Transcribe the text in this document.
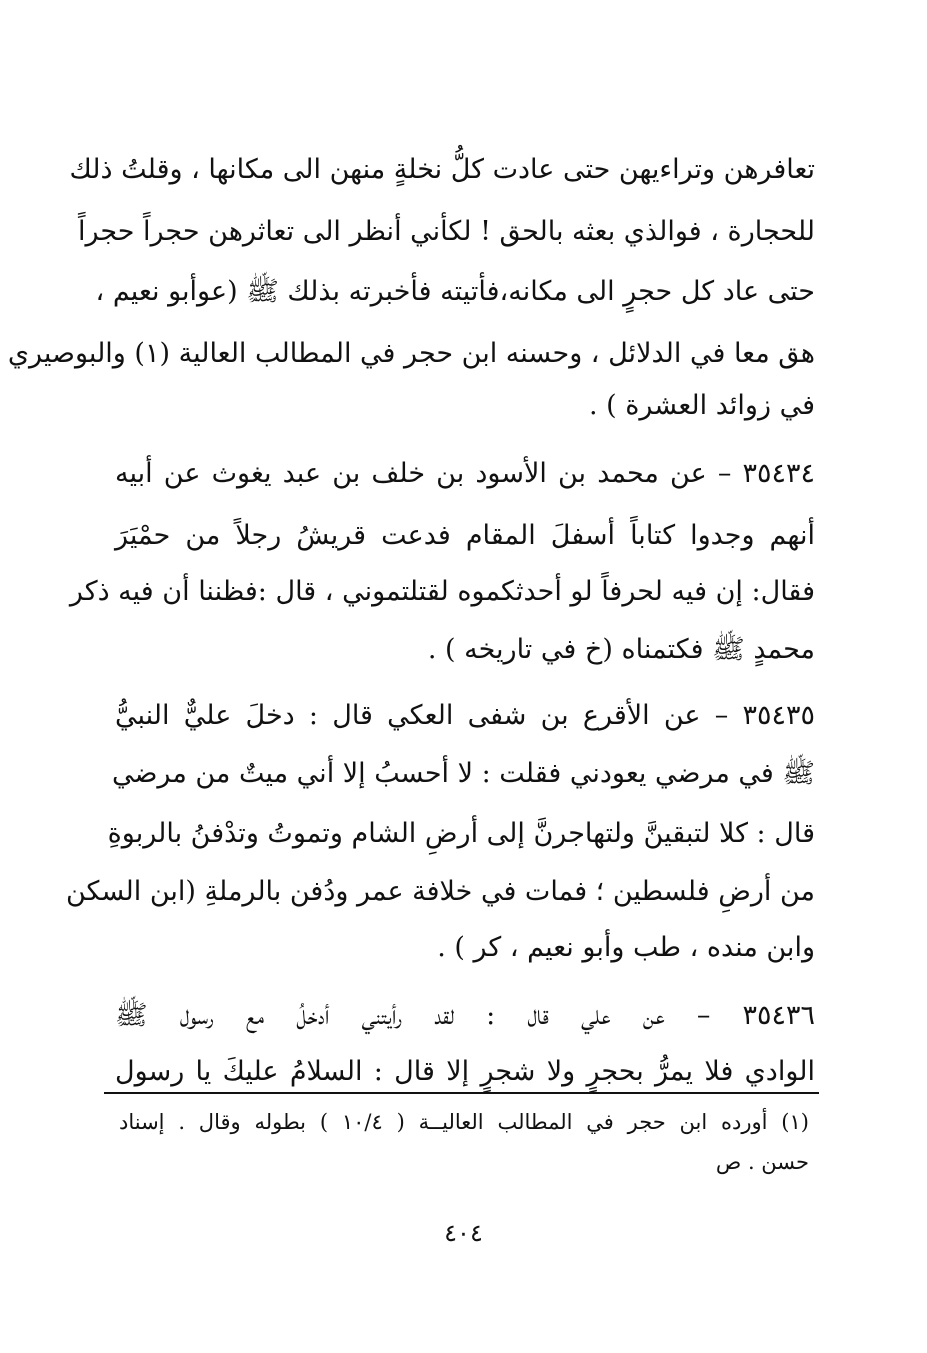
تعافرهن وتراءيهن حتى عادت كلُّ نخلةٍ منهن الى مكانها ، وقلتُ ذلك
للحجارة ، فوالذي بعثه بالحق ! لكأني أنظر الى تعاثرهن حجراً حجراً
حتى عاد كل حجرٍ الى مكانه،فأتيته فأخبرته بذلك ﷺ (عوأبو نعيم ،
هق معا في الدلائل ، وحسنه ابن حجر في المطالب العالية (١) والبوصيري
في زوائد العشرة ) .
٣٥٤٣٤ – عن محمد بن الأسود بن خلف بن عبد يغوث عن أبيه
أنهم وجدوا كتاباً أسفلَ المقام فدعت قريشُ رجلاً من حمْيَرَ
فقال: إن فيه لحرفاً لو أحدثكموه لقتلتموني ، قال :فظننا أن فيه ذكر
محمدٍ ﷺ فكتمناه (خ في تاريخه ) .
٣٥٤٣٥ – عن الأقرع بن شفى العكي قال : دخلَ عليٌّ النبيُّ
ﷺ في مرضي يعودني فقلت : لا أحسبُ إلا أني ميتٌ من مرضي
قال : كلا لتبقينَّ ولتهاجرنَّ إلى أرضِ الشام وتموتُ وتدْفنُ بالربوةِ
من أرضِ فلسطين ؛ فمات في خلافة عمر ودُفن بالرملةِ (ابن السكن
وابن منده ، طب وأبو نعيم ، كر ) .
٣٥٤٣٦ – عن علي قال : لقد رأيتني أدخلُ مع رسول ﷺ
الوادي فلا يمرُّ بحجرٍ ولا شجرٍ إلا قال : السلامُ عليكَ يا رسول
(١) أورده ابن حجر في المطالب العاليــة ( ١٠/٤ ) بطوله وقال . إسناد
حسن . ص
٤٠٤
